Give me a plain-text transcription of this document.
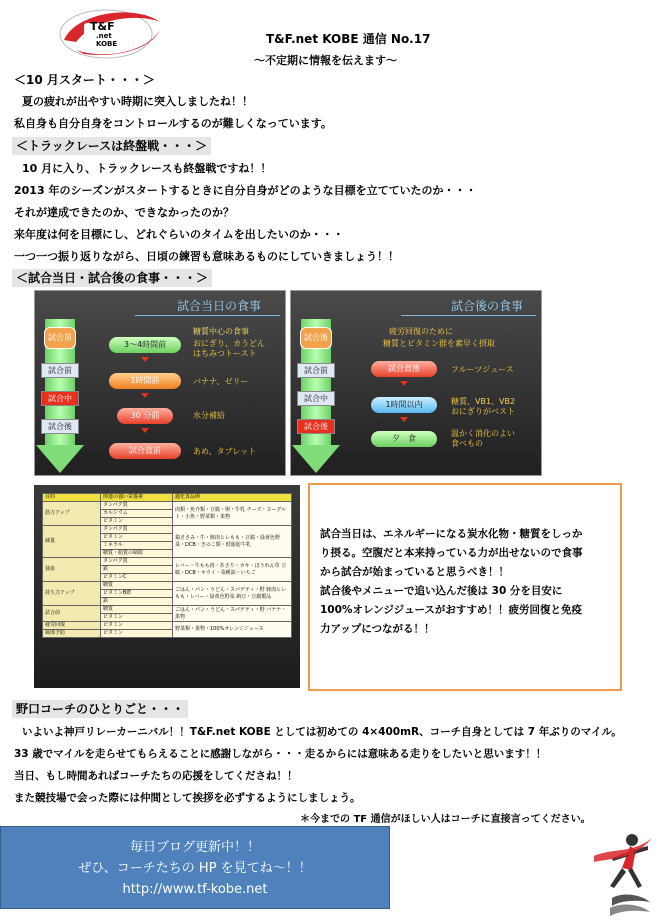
T&F
.net
KOBE	T&F.net KOBE 通信 No.17
〜不定期に情報を伝えます〜
＜10 月スタート・・・＞
夏の疲れが出やすい時期に突入しましたね！！
私自身も自分自身をコントロールするのが難しくなっています。
＜トラックレースは終盤戦・・・＞
10 月に入り、トラックレースも終盤戦ですね！！
2013 年のシーズンがスタートするときに自分自身がどのような目標を立てていたのか・・・
それが達成できたのか、できなかったのか？
来年度は何を目標にし、どれぐらいのタイムを出したいのか・・・
一つ一つ振り返りながら、日頃の練習も意味あるものにしていきましょう！！
＜試合当日・試合後の食事・・・＞
試合当日の食事
試合前
試合前
試合中
試合後
3〜4時間前
1時間前
30 分前
試合直前
糖質中心の食事
おにぎり、カうどん
はちみつトースト
バナナ、ゼリー
水分補給
あめ、タブレット
試合後の食事
試合後
試合前
試合中
試合後
疲労回復のために
糖質とビタミン群を素早く摂取
試合直後
1時間以内
夕　食
フルーツジュース
糖質、VB1、VB2
おにぎりがベスト
温かく消化のよい
食べもの
目的	関連の強い栄養素	適化食品例
筋力アップ	タンパク質	肉類・魚介類・豆腐・卵・牛乳 チーズ・ヨーグルト・小魚・野菜類・果物
	カルシウム	
	ビタミン	
減量	タンパク質	鶏ささみ・牛・豚肉ヒレもも・豆腐・緑黄色野菜・DCB・きのこ類・低脂肪牛乳
	ビタミン	
	ミネラル	
	糖質・脂質の制限	
貧血	タンパク質	レバー・牛もも肉・あさり・カキ・ほうれん草 豆腐・DCB・キウイ・菜種油・いちご
	鉄	
	ビタミンC	
持久力アップ	糖質	ごはん・パン・うどん・スパゲティ・野 豚肉ヒレもも・レバー・緑黄色野菜 納豆・豆腐製品
	ビタミンB群	
	鉄	
試合前	糖質	ごはん・パン・うどん・スパゲティ・野 バナナ・果物
	ビタミン	
疲労回復	ビタミン	野菜類・果物・100%オレンジジュース
風邪予防	ビタミン	

試合当日は、エネルギーになる炭水化物・糖質をしっか

り摂る。空腹だと本来持っている力が出せないので食事

から試合が始まっていると思うべき！！

試合後やメニューで追い込んだ後は 30 分を目安に

100%オレンジジュースがおすすめ！！疲労回復と免疫

力アップにつながる！！

野口コーチのひとりごと・・・
いよいよ神戸リレーカーニバル！！T&F.net KOBE としては初めての 4×400mR、コーチ自身としては 7 年ぶりのマイル。
33 歳でマイルを走らせてもらえることに感謝しながら・・・走るからには意味ある走りをしたいと思います！！
当日、もし時間あればコーチたちの応援をしてくださね！！
また競技場で会った際には仲間として挨拶を必ずするようにしましょう。
＊今までの TF 通信がほしい人はコーチに直接言ってください。
毎日ブログ更新中！！
ぜひ、コーチたちの HP を見てね〜！！
http://www.tf-kobe.net
